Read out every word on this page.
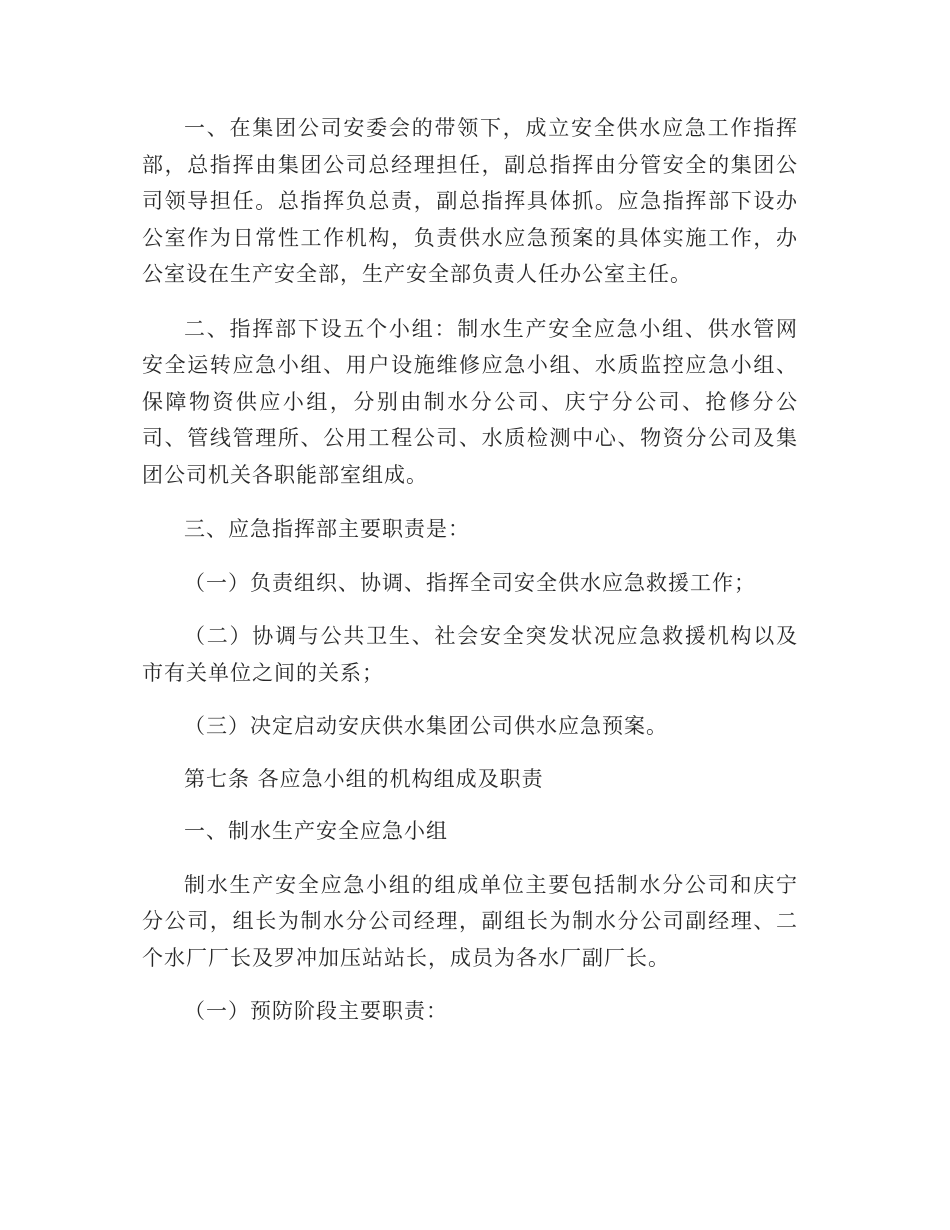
一、在集团公司安委会的带领下，成立安全供水应急工作指挥部，总指挥由集团公司总经理担任，副总指挥由分管安全的集团公司领导担任。总指挥负总责，副总指挥具体抓。应急指挥部下设办公室作为日常性工作机构，负责供水应急预案的具体实施工作，办公室设在生产安全部，生产安全部负责人任办公室主任。

二、指挥部下设五个小组：制水生产安全应急小组、供水管网安全运转应急小组、用户设施维修应急小组、水质监控应急小组、保障物资供应小组，分别由制水分公司、庆宁分公司、抢修分公司、管线管理所、公用工程公司、水质检测中心、物资分公司及集团公司机关各职能部室组成。

三、应急指挥部主要职责是：

（一）负责组织、协调、指挥全司安全供水应急救援工作；

（二）协调与公共卫生、社会安全突发状况应急救援机构以及市有关单位之间的关系；

（三）决定启动安庆供水集团公司供水应急预案。

第七条 各应急小组的机构组成及职责

一、制水生产安全应急小组

制水生产安全应急小组的组成单位主要包括制水分公司和庆宁分公司，组长为制水分公司经理，副组长为制水分公司副经理、二个水厂厂长及罗冲加压站站长，成员为各水厂副厂长。

（一）预防阶段主要职责：
